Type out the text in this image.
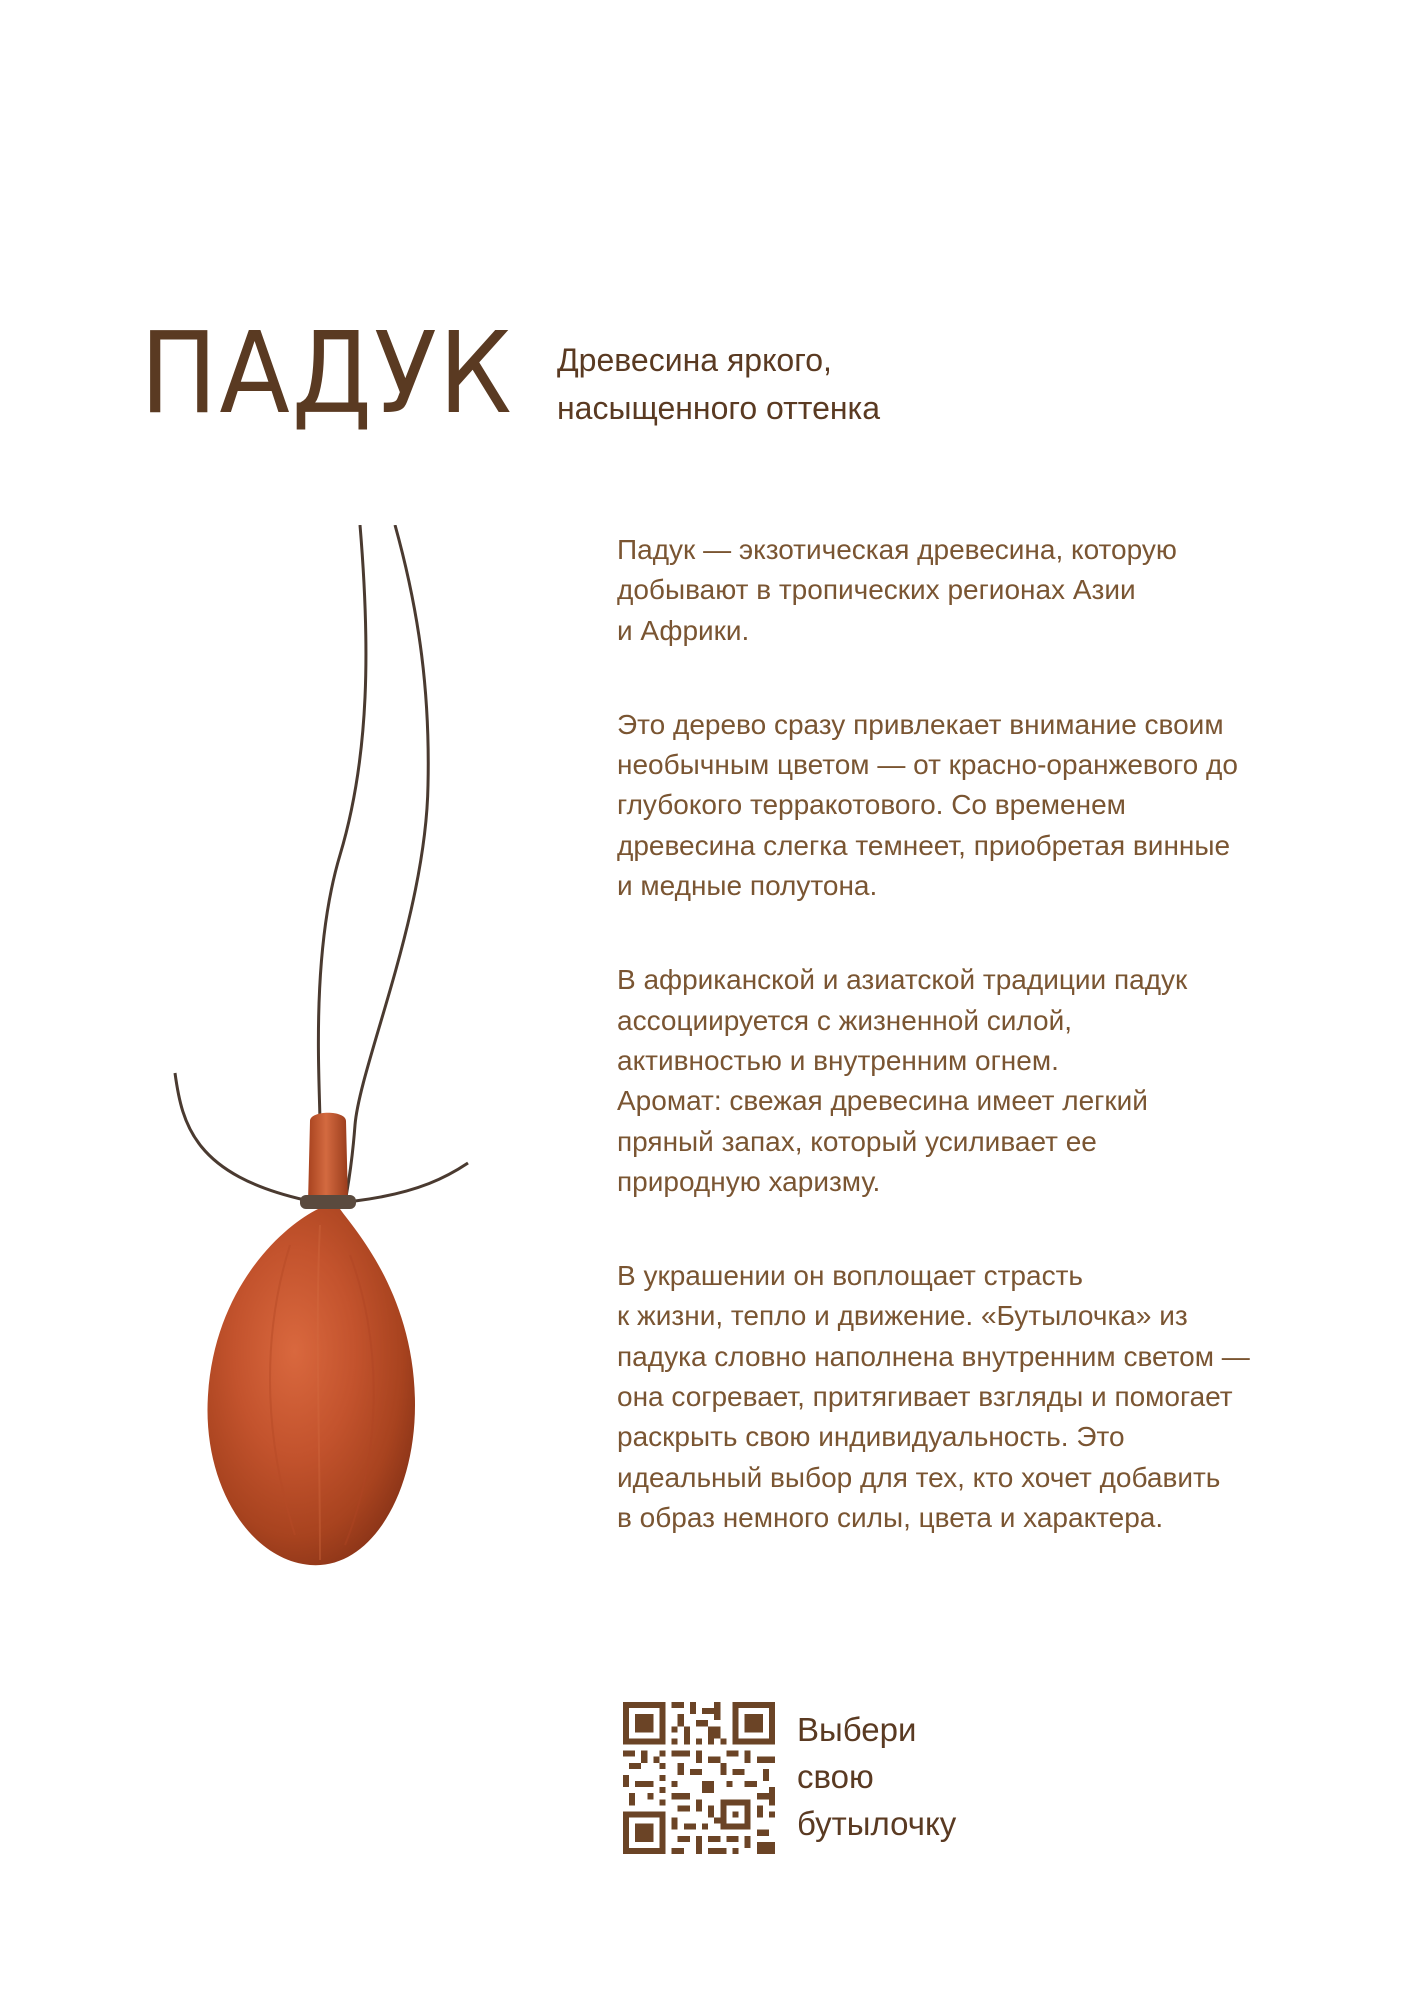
ПАДУК Древесина яркого,
насыщенного оттенка

Падук — экзотическая древесина, которую
добывают в тропических регионах Азии
и Африки.

Это дерево сразу привлекает внимание своим
необычным цветом — от красно-оранжевого до
глубокого терракотового. Со временем
древесина слегка темнеет, приобретая винные
и медные полутона.

В африканской и азиатской традиции падук
ассоциируется с жизненной силой,
активностью и внутренним огнем.
Аромат: свежая древесина имеет легкий
пряный запах, который усиливает ее
природную харизму.

В украшении он воплощает страсть
к жизни, тепло и движение. «Бутылочка» из
падука словно наполнена внутренним светом —
она согревает, притягивает взгляды и помогает
раскрыть свою индивидуальность. Это
идеальный выбор для тех, кто хочет добавить
в образ немного силы, цвета и характера.

Выбери
свою
бутылочку
